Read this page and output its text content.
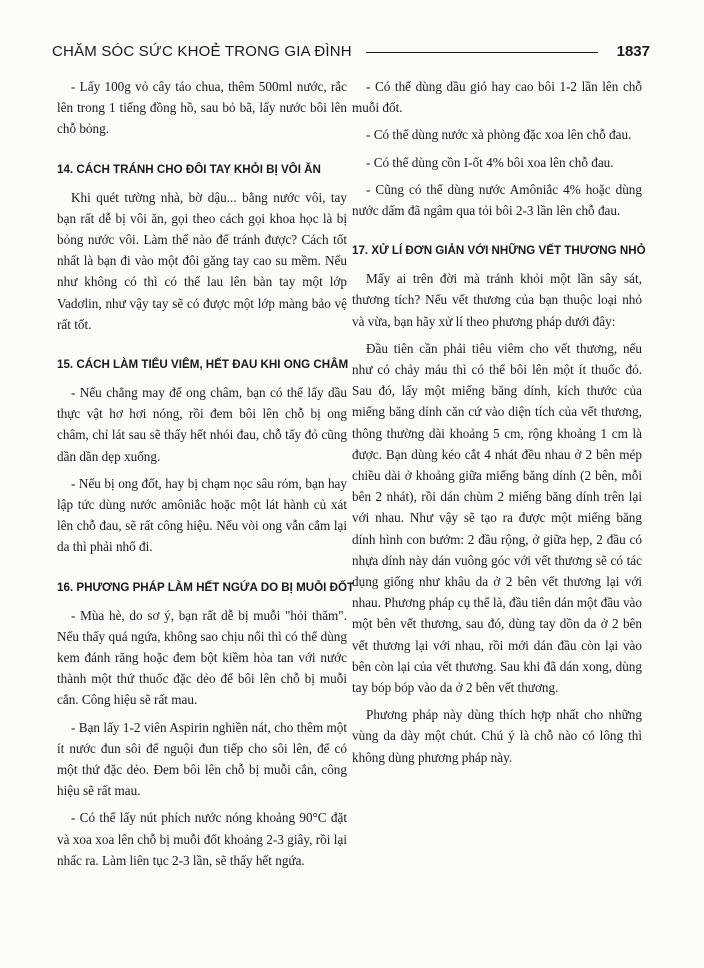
CHĂM SÓC SỨC KHOẺ TRONG GIA ĐÌNH	1837

- Lấy 100g vỏ cây táo chua, thêm 500ml nước, rắc lên trong 1 tiếng đồng hồ, sau bỏ bã, lấy nước bôi lên chỗ bỏng.

14. CÁCH TRÁNH CHO ĐÔI TAY KHỎI BỊ VÔI ĂN

Khi quét tường nhà, bờ dậu... bằng nước vôi, tay bạn rất dễ bị vôi ăn, gọi theo cách gọi khoa học là bị bỏng nước vôi. Làm thế nào để tránh được? Cách tốt nhất là bạn đi vào một đôi găng tay cao su mềm. Nếu như không có thì có thể lau lên bàn tay một lớp Vadơlin, như vậy tay sẽ có được một lớp màng bảo vệ rất tốt.

15. CÁCH LÀM TIÊU VIÊM, HẾT ĐAU KHI ONG CHÂM

- Nếu chẳng may để ong châm, bạn có thể lấy dầu thực vật hơ hơi nóng, rồi đem bôi lên chỗ bị ong châm, chỉ lát sau sẽ thấy hết nhói đau, chỗ tấy đỏ cũng dần dần dẹp xuống.

- Nếu bị ong đốt, hay bị chạm nọc sâu róm, bạn hay lập tức dùng nước amôniắc hoặc một lát hành củ xát lên chỗ đau, sẽ rất công hiệu. Nếu vòi ong vẫn cắm lại da thì phải nhổ đi.

16. PHƯƠNG PHÁP LÀM HẾT NGỨA DO BỊ MUỖI ĐỐT

- Mùa hè, do sơ ý, bạn rất dễ bị muỗi "hỏi thăm". Nếu thấy quá ngứa, không sao chịu nổi thì có thể dùng kem đánh răng hoặc đem bột kiềm hòa tan với nước thành một thứ thuốc đặc dẻo để bôi lên chỗ bị muỗi cắn. Công hiệu sẽ rất mau.

- Bạn lấy 1-2 viên Aspirin nghiền nát, cho thêm một ít nước đun sôi để nguội đun tiếp cho sôi lên, để có một thứ đặc dẻo. Đem bôi lên chỗ bị muỗi cắn, công hiệu sẽ rất mau.

- Có thể lấy nút phích nước nóng khoảng 90°C đặt và xoa xoa lên chỗ bị muỗi đốt khoảng 2-3 giây, rồi lại nhấc ra. Làm liên tục 2-3 lần, sẽ thấy hết ngứa.

- Có thể dùng dầu gió hay cao bôi 1-2 lần lên chỗ muỗi đốt.

- Có thể dùng nước xà phòng đặc xoa lên chỗ đau.

- Có thể dùng cồn I-ốt 4% bôi xoa lên chỗ đau.

- Cũng có thể dùng nước Amôniắc 4% hoặc dùng nước dấm đã ngâm qua tỏi bôi 2-3 lần lên chỗ đau.

17. XỬ LÍ ĐƠN GIẢN VỚI NHỮNG VẾT THƯƠNG NHỎ

Mấy ai trên đời mà tránh khỏi một lần sây sát, thương tích? Nếu vết thương của bạn thuộc loại nhỏ và vừa, bạn hãy xử lí theo phương pháp dưới đây:

Đầu tiên cần phải tiêu viêm cho vết thương, nếu như có chảy máu thì có thể bôi lên một ít thuốc đỏ. Sau đó, lấy một miếng băng dính, kích thước của miếng băng dính căn cứ vào diện tích của vết thương, thông thường dài khoảng 5 cm, rộng khoảng 1 cm là được. Bạn dùng kéo cắt 4 nhát đều nhau ở 2 bên mép chiều dài ở khoảng giữa miếng băng dính (2 bên, mỗi bên 2 nhát), rồi dán chùm 2 miếng băng dính trên lại với nhau. Như vậy sẽ tạo ra được một miếng băng dính hình con bướm: 2 đầu rộng, ở giữa hẹp, 2 đầu có nhựa dính này dán vuông góc với vết thương sẽ có tác dụng giống như khâu da ở 2 bên vết thương lại với nhau. Phương pháp cụ thể là, đầu tiên dán một đầu vào một bên vết thương, sau đó, dùng tay dồn da ở 2 bên vết thương lại với nhau, rồi mới dán đầu còn lại vào bên còn lại của vết thương. Sau khi đã dán xong, dùng tay bóp bóp vào da ở 2 bên vết thương.

Phương pháp này dùng thích hợp nhất cho những vùng da dày một chút. Chú ý là chỗ nào có lông thì không dùng phương pháp này.
